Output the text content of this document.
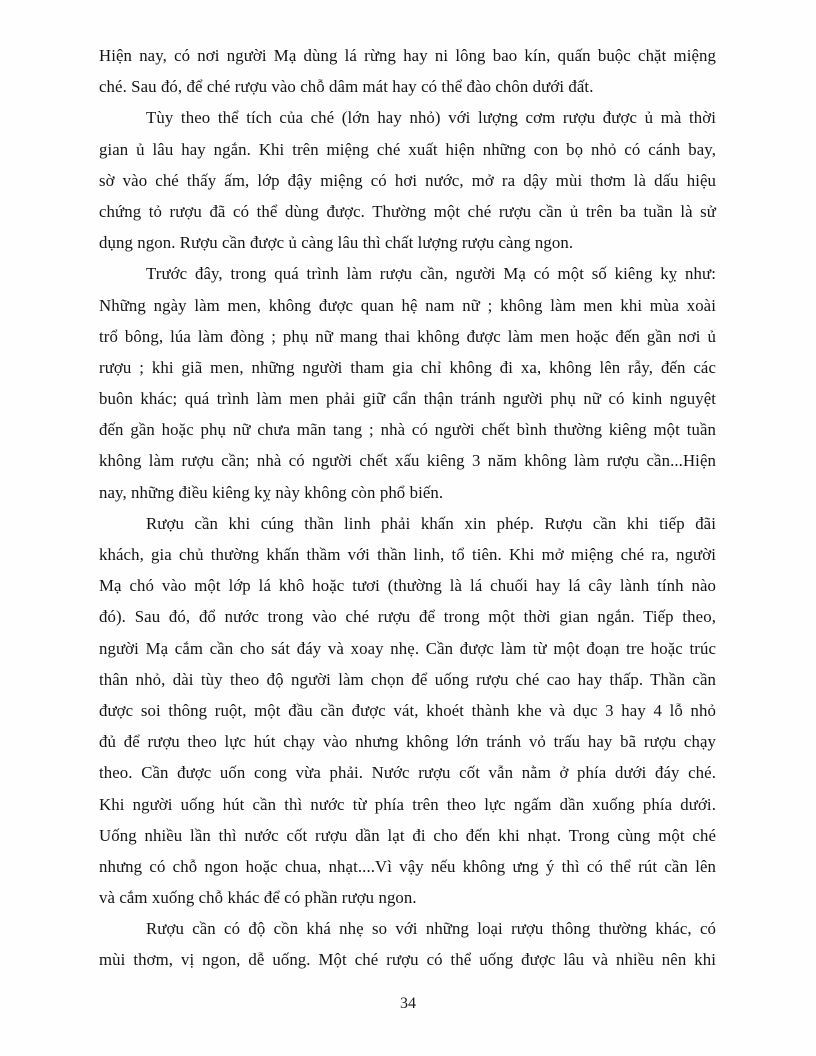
Hiện nay, có nơi người Mạ dùng lá rừng hay ni lông bao kín, quấn buộc chặt miệng
ché. Sau đó, để ché rượu vào chỗ dâm mát hay có thể đào chôn dưới đất.
Tùy theo thể tích của ché (lớn hay nhỏ) với lượng cơm rượu được ủ mà thời
gian ủ lâu hay ngắn. Khi trên miệng ché xuất hiện những con bọ nhỏ có cánh bay,
sờ vào ché thấy ấm, lớp đậy miệng có hơi nước, mở ra dậy mùi thơm là dấu hiệu
chứng tỏ rượu đã có thể dùng được. Thường một ché rượu cần ủ trên ba tuần là sử
dụng ngon. Rượu cần được ủ càng lâu thì chất lượng rượu càng ngon.
Trước đây, trong quá trình làm rượu cần, người Mạ có một số kiêng kỵ như:
Những ngày làm men, không được quan hệ nam nữ ; không làm men khi mùa xoài
trổ bông, lúa làm đòng ; phụ nữ mang thai không được làm men hoặc đến gần nơi ủ
rượu ; khi giã men, những người tham gia chỉ không đi xa, không lên rẫy, đến các
buôn khác; quá trình làm men phải giữ cẩn thận tránh người phụ nữ có kinh nguyệt
đến gần hoặc phụ nữ chưa mãn tang ; nhà có người chết bình thường kiêng một tuần
không làm rượu cần; nhà có người chết xấu kiêng 3 năm không làm rượu cần...Hiện
nay, những điều kiêng kỵ này không còn phổ biến.
Rượu cần khi cúng thần linh phải khấn xin phép. Rượu cần khi tiếp đãi
khách, gia chủ thường khấn thầm với thần linh, tổ tiên. Khi mở miệng ché ra, người
Mạ chó vào một lớp lá khô hoặc tươi (thường là lá chuối hay lá cây lành tính nào
đó). Sau đó, đổ nước trong vào ché rượu để trong một thời gian ngắn. Tiếp theo,
người Mạ cắm cần cho sát đáy và xoay nhẹ. Cần được làm từ một đoạn tre hoặc trúc
thân nhỏ, dài tùy theo độ người làm chọn để uống rượu ché cao hay thấp. Thần cần
được soi thông ruột, một đầu cần được vát, khoét thành khe và dục 3 hay 4 lỗ nhỏ
đủ để rượu theo lực hút chạy vào nhưng không lớn tránh vỏ trấu hay bã rượu chạy
theo. Cần được uốn cong vừa phải. Nước rượu cốt vẫn nằm ở phía dưới đáy ché.
Khi người uống hút cần thì nước từ phía trên theo lực ngấm dần xuống phía dưới.
Uống nhiều lần thì nước cốt rượu dần lạt đi cho đến khi nhạt. Trong cùng một ché
nhưng có chỗ ngon hoặc chua, nhạt....Vì vậy nếu không ưng ý thì có thể rút cần lên
và cắm xuống chỗ khác để có phần rượu ngon.
Rượu cần có độ cồn khá nhẹ so với những loại rượu thông thường khác, có
mùi thơm, vị ngon, dễ uống. Một ché rượu có thể uống được lâu và nhiều nên khi
34
